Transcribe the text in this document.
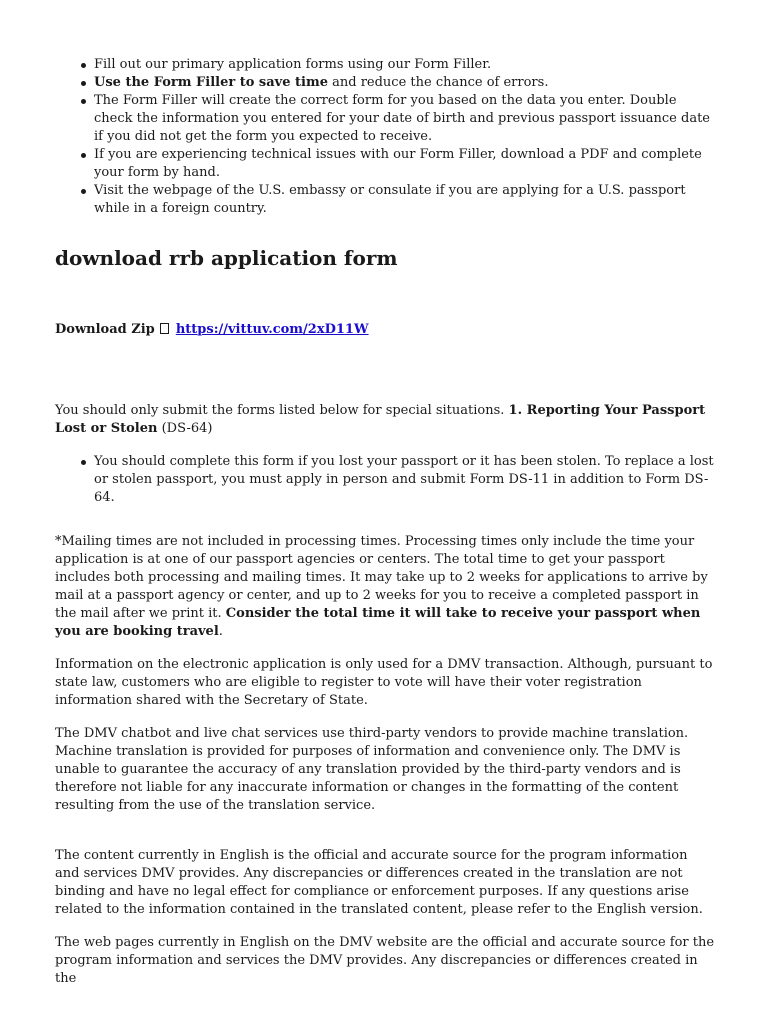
Fill out our primary application forms using our Form Filler.
Use the Form Filler to save time and reduce the chance of errors.
The Form Filler will create the correct form for you based on the data you enter. Double check the information you entered for your date of birth and previous passport issuance date if you did not get the form you expected to receive.
If you are experiencing technical issues with our Form Filler, download a PDF and complete your form by hand.
Visit the webpage of the U.S. embassy or consulate if you are applying for a U.S. passport while in a foreign country.
download rrb application form

Download Zip https://vittuv.com/2xD11W

You should only submit the forms listed below for special situations. 1. Reporting Your Passport Lost or Stolen (DS-64)

You should complete this form if you lost your passport or it has been stolen. To replace a lost or stolen passport, you must apply in person and submit Form DS-11 in addition to Form DS-64.

*Mailing times are not included in processing times. Processing times only include the time your application is at one of our passport agencies or centers. The total time to get your passport includes both processing and mailing times. It may take up to 2 weeks for applications to arrive by mail at a passport agency or center, and up to 2 weeks for you to receive a completed passport in the mail after we print it. Consider the total time it will take to receive your passport when you are booking travel.

Information on the electronic application is only used for a DMV transaction. Although, pursuant to state law, customers who are eligible to register to vote will have their voter registration information shared with the Secretary of State.

The DMV chatbot and live chat services use third-party vendors to provide machine translation. Machine translation is provided for purposes of information and convenience only. The DMV is unable to guarantee the accuracy of any translation provided by the third-party vendors and is therefore not liable for any inaccurate information or changes in the formatting of the content resulting from the use of the translation service.

The content currently in English is the official and accurate source for the program information and services DMV provides. Any discrepancies or differences created in the translation are not binding and have no legal effect for compliance or enforcement purposes. If any questions arise related to the information contained in the translated content, please refer to the English version.

The web pages currently in English on the DMV website are the official and accurate source for the program information and services the DMV provides. Any discrepancies or differences created in the
